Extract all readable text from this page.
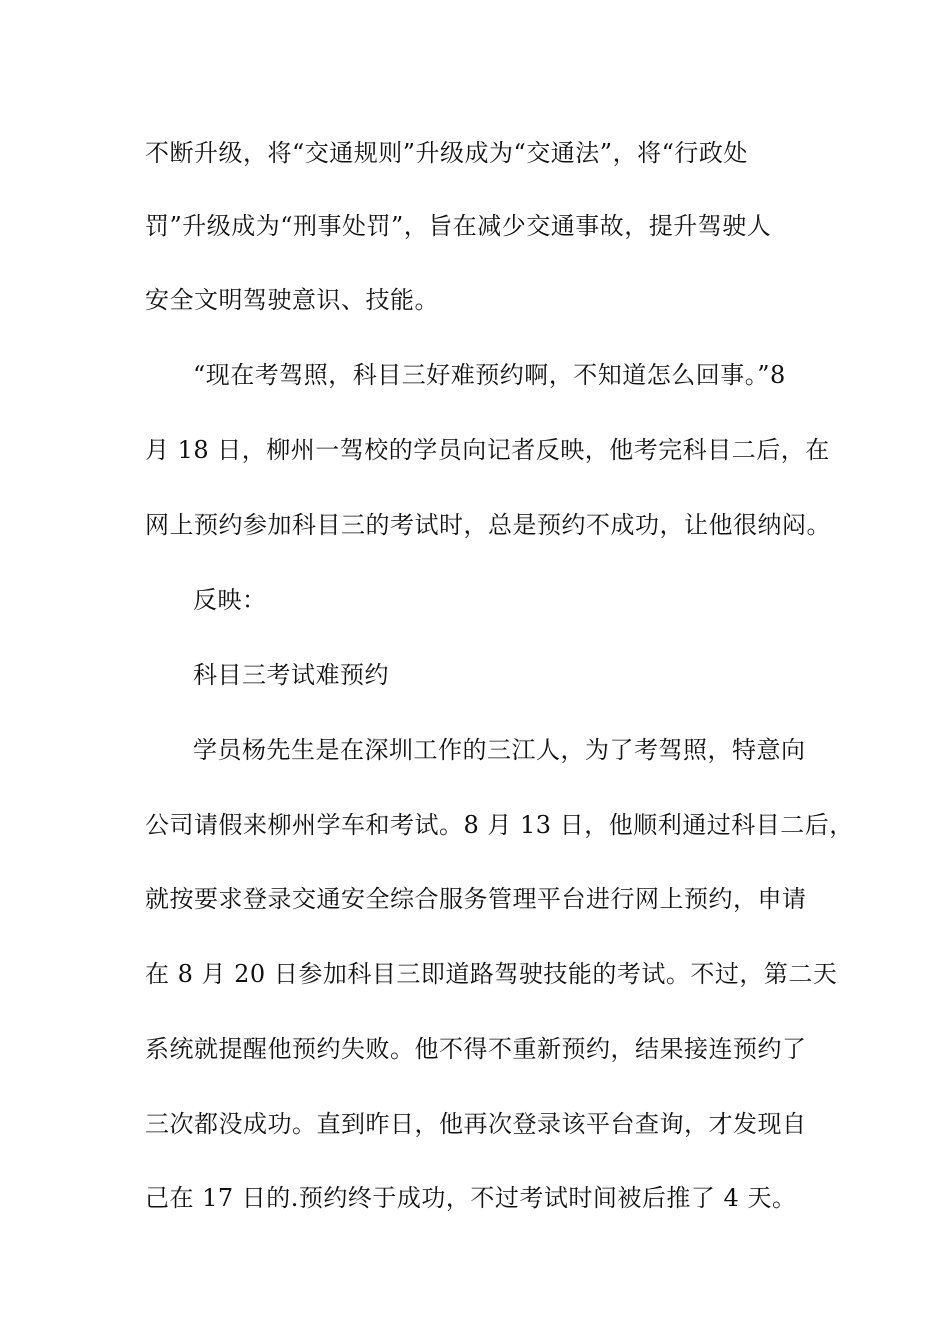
不断升级，将“交通规则”升级成为“交通法”，将“行政处
罚”升级成为“刑事处罚”，旨在减少交通事故，提升驾驶人
安全文明驾驶意识、技能。
“现在考驾照，科目三好难预约啊，不知道怎么回事。”8
月 18 日，柳州一驾校的学员向记者反映，他考完科目二后，在
网上预约参加科目三的考试时，总是预约不成功，让他很纳闷。
反映：
科目三考试难预约
学员杨先生是在深圳工作的三江人，为了考驾照，特意向
公司请假来柳州学车和考试。8 月 13 日，他顺利通过科目二后，
就按要求登录交通安全综合服务管理平台进行网上预约，申请
在 8 月 20 日参加科目三即道路驾驶技能的考试。不过，第二天
系统就提醒他预约失败。他不得不重新预约，结果接连预约了
三次都没成功。直到昨日，他再次登录该平台查询，才发现自
己在 17 日的.预约终于成功，不过考试时间被后推了 4 天。
